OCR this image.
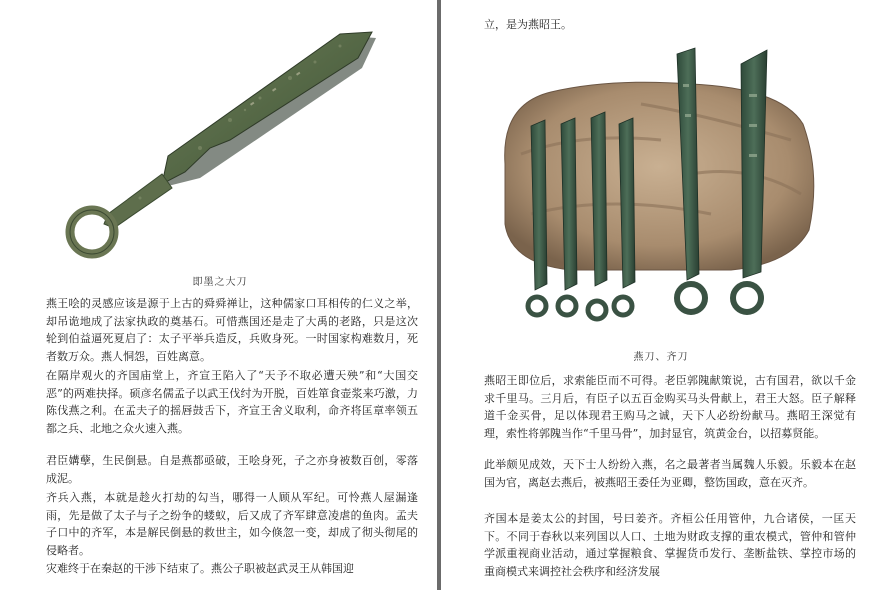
即墨之大刀

燕王哙的灵感应该是源于上古的舜舜禅让，这种儒家口耳相传的仁义之举，却吊诡地成了法家执政的奠基石。可惜燕国还是走了大禹的老路，只是这次轮到伯益逼死夏启了：太子平举兵造反，兵败身死。一时国家构难数月，死者数万众。燕人恫怨，百姓离意。

在隔岸观火的齐国庙堂上，齐宣王陷入了“天予不取必遭天殃”和“大国交恶”的两难抉择。硕彦名儒孟子以武王伐纣为开脱，百姓箪食壶浆来巧激，力陈伐燕之利。在孟夫子的摇唇鼓舌下，齐宣王舍义取利，命齐将匡章率领五都之兵、北地之众火速入燕。

君臣媾孽，生民倒悬。自是燕都亟破，王哙身死，子之亦身被数百创，零落成泥。

齐兵入燕，本就是趁火打劫的勾当，哪得一人顾从军纪。可怜燕人屋漏逢雨，先是做了太子与子之纷争的蝼蚁，后又成了齐军肆意凌虐的鱼肉。孟夫子口中的齐军，本是解民倒悬的救世主，如今倏忽一变，却成了彻头彻尾的侵略者。

灾难终于在秦赵的干涉下结束了。燕公子职被赵武灵王从韩国迎

立，是为燕昭王。

燕刀、齐刀

燕昭王即位后，求索能臣而不可得。老臣郭隗献策说，古有国君，欲以千金求千里马。三月后，有臣子以五百金购买马头骨献上，君王大怒。臣子解释道千金买骨，足以体现君王购马之诚，天下人必纷纷献马。燕昭王深觉有理，索性将郭隗当作“千里马骨”，加封显官，筑黄金台，以招募贤能。

此举颇见成效，天下士人纷纷入燕，名之最著者当属魏人乐毅。乐毅本在赵国为官，离赵去燕后，被燕昭王委任为亚卿，整饬国政，意在灭齐。

齐国本是姜太公的封国，号曰姜齐。齐桓公任用管仲，九合诸侯，一匡天下。不同于春秋以来列国以人口、土地为财政支撑的重农模式，管仲和管仲学派重视商业活动，通过掌握粮食、掌握货币发行、垄断盐铁、掌控市场的重商模式来调控社会秩序和经济发展
